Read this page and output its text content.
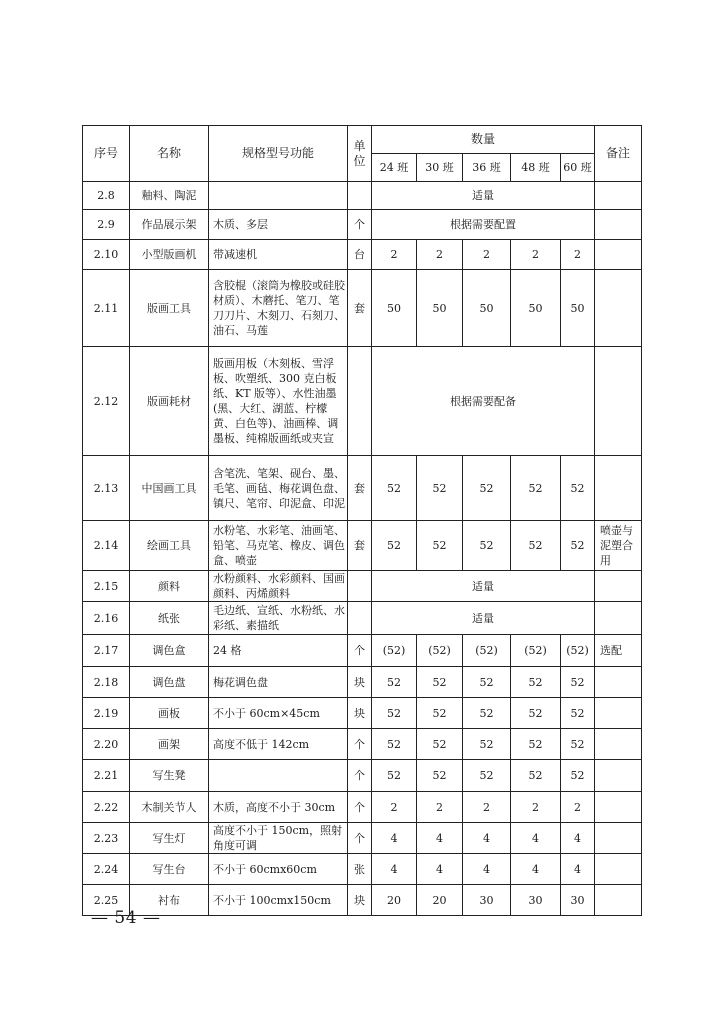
序号	名称	规格型号功能	单位	数量					备注
				24 班	30 班	36 班	48 班	60 班	
2.8	釉料、陶泥			适量					
2.9	作品展示架	木质、多层	个	根据需要配置					
2.10	小型版画机	带减速机	台	2	2	2	2	2	
2.11	版画工具	含胶棍（滚筒为橡胶或硅胶材质）、木蘑托、笔刀、笔刀刀片、木刻刀、石刻刀、油石、马莲	套	50	50	50	50	50	
2.12	版画耗材	版画用板（木刻板、雪浮板、吹塑纸、300 克白板纸、KT 版等）、水性油墨(黑、大红、湖蓝、柠檬黄、白色等)、油画棒、调墨板、纯棉版画纸或夹宣		根据需要配备					
2.13	中国画工具	含笔洗、笔架、砚台、墨、毛笔、画毡、梅花调色盘、镇尺、笔帘、印泥盒、印泥	套	52	52	52	52	52	
2.14	绘画工具	水粉笔、水彩笔、油画笔、铅笔、马克笔、橡皮、调色盒、喷壶	套	52	52	52	52	52	喷壶与泥塑合用
2.15	颜料	水粉颜料、水彩颜料、国画颜料、丙烯颜料		适量					
2.16	纸张	毛边纸、宣纸、水粉纸、水彩纸、素描纸		适量					
2.17	调色盒	24 格	个	(52)	(52)	(52)	(52)	(52)	选配
2.18	调色盘	梅花调色盘	块	52	52	52	52	52	
2.19	画板	不小于 60cm×45cm	块	52	52	52	52	52	
2.20	画架	高度不低于 142cm	个	52	52	52	52	52	
2.21	写生凳		个	52	52	52	52	52	
2.22	木制关节人	木质，高度不小于 30cm	个	2	2	2	2	2	
2.23	写生灯	高度不小于 150cm，照射角度可调	个	4	4	4	4	4	
2.24	写生台	不小于 60cmx60cm	张	4	4	4	4	4	
2.25	衬布	不小于 100cmx150cm	块	20	20	30	30	30	
— 54 —
